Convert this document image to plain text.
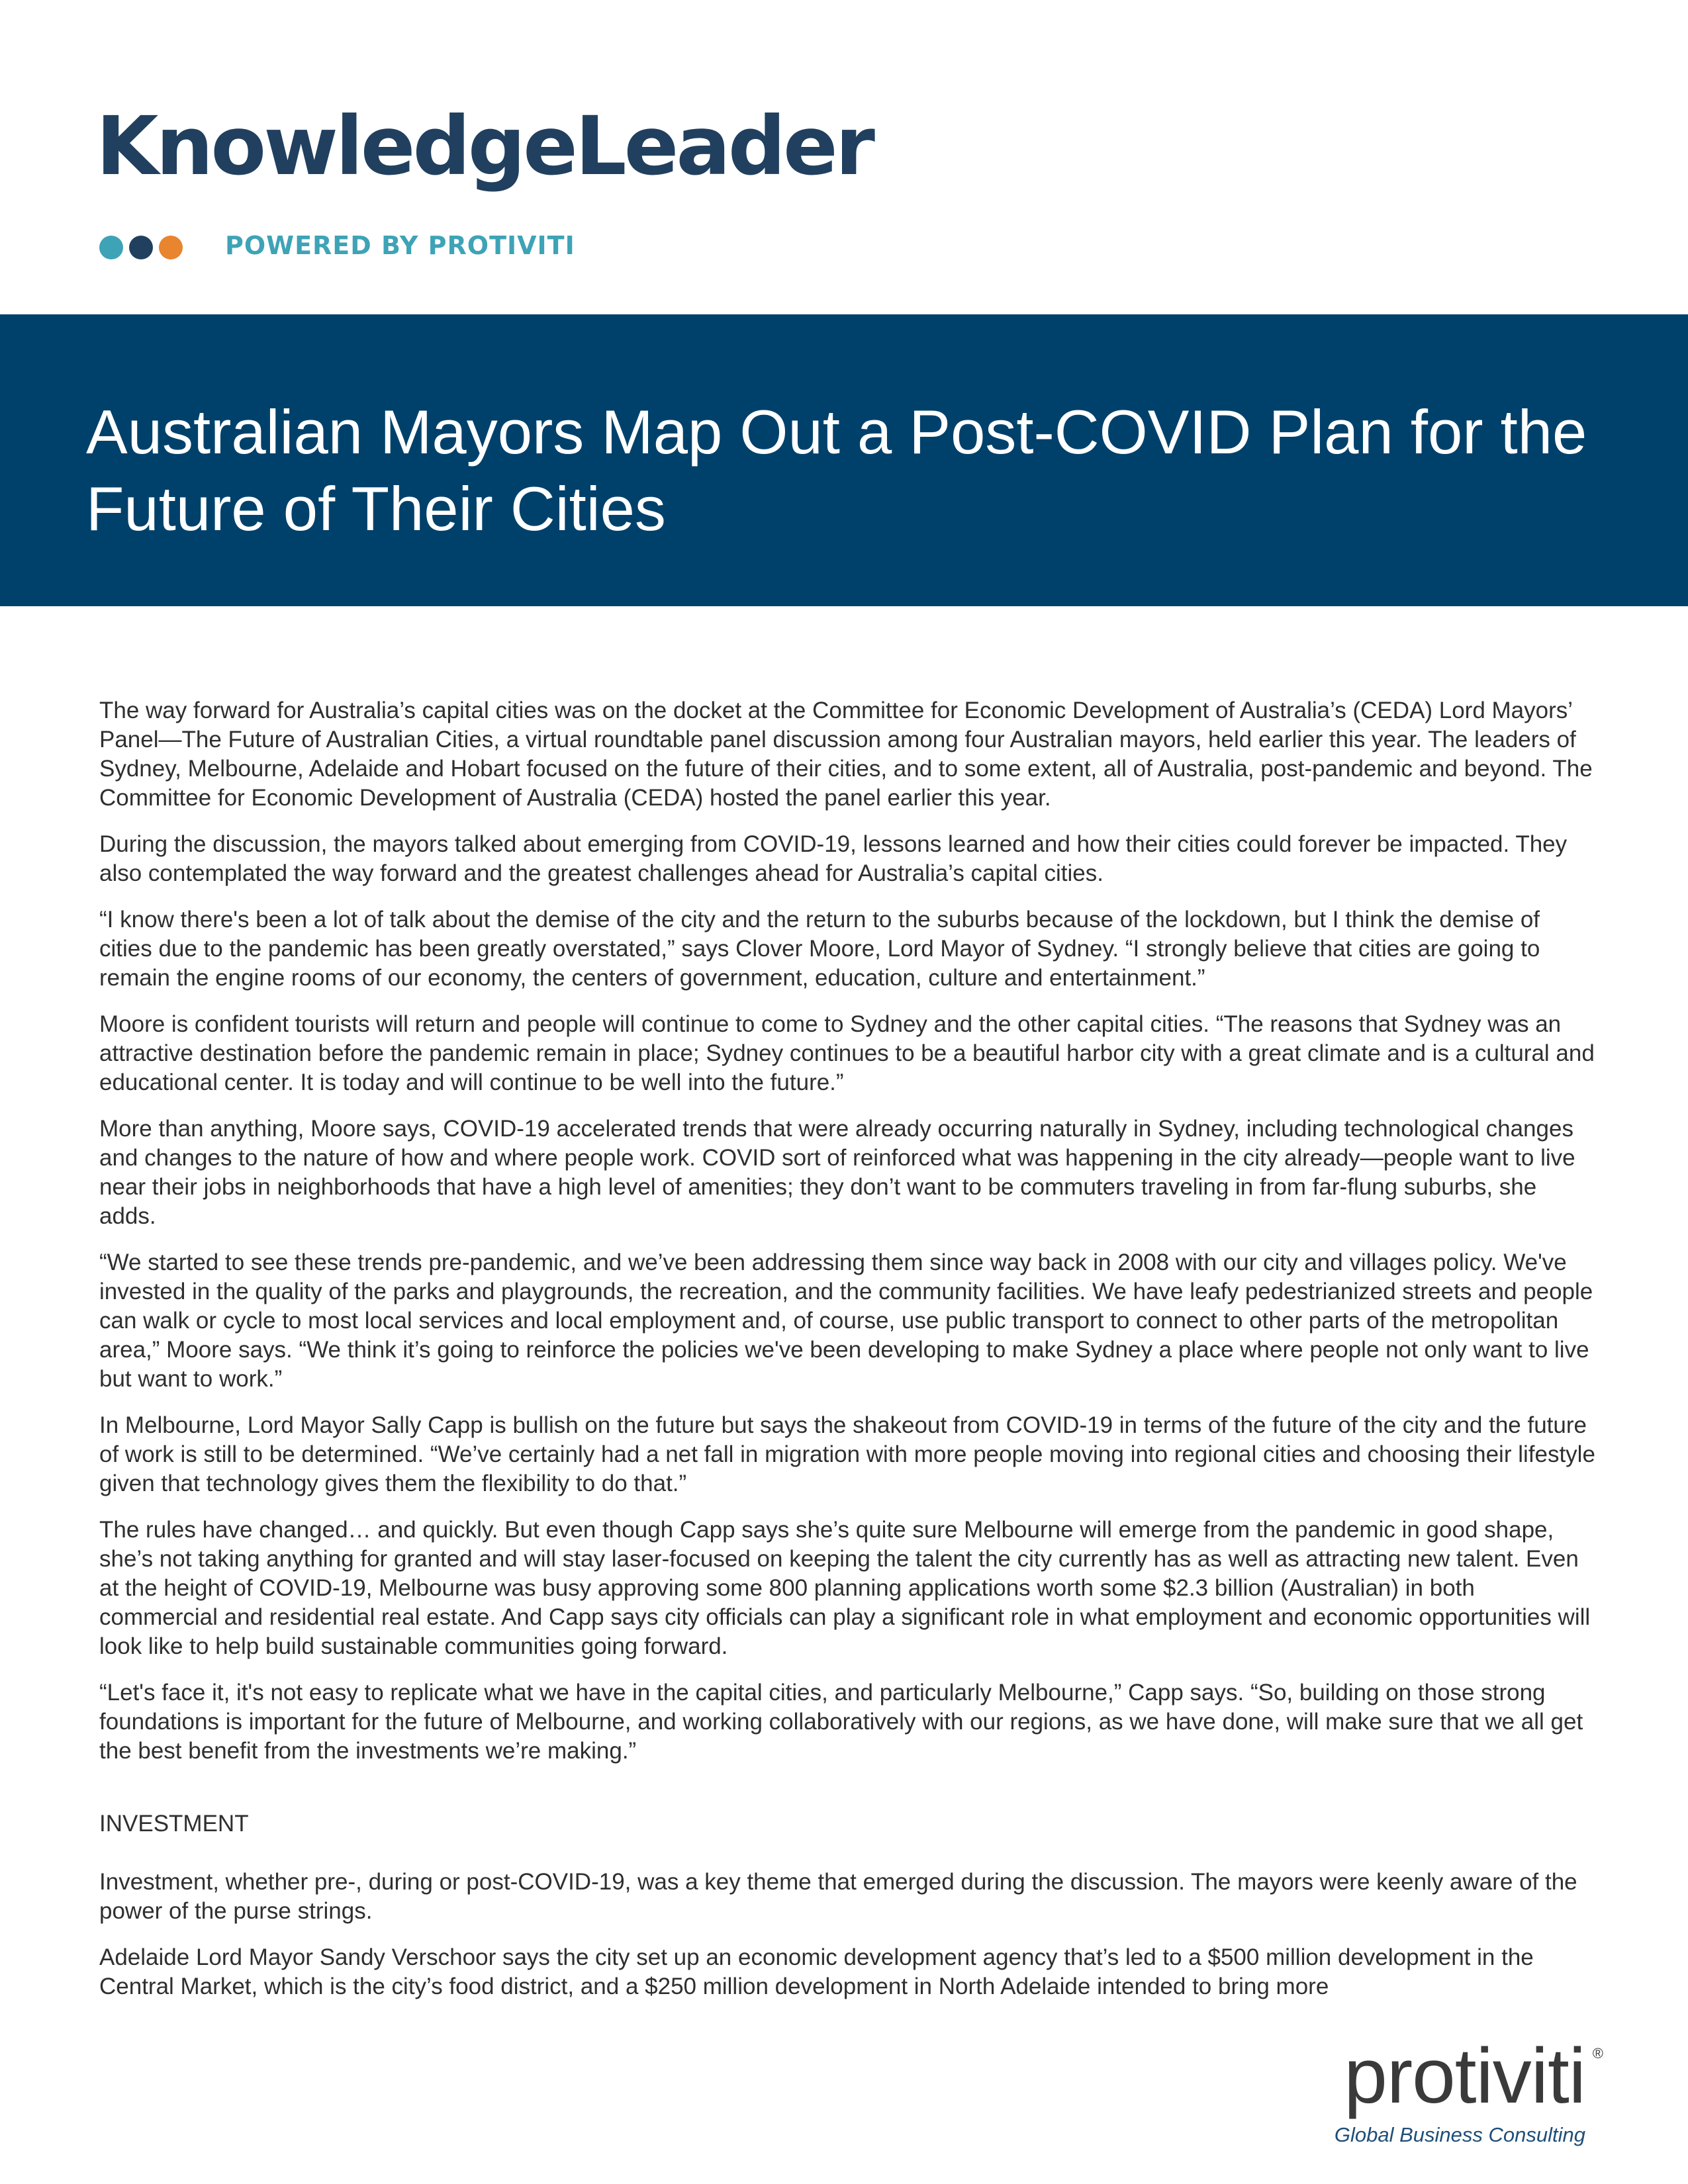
KnowledgeLeader
POWERED BY PROTIVITI
Australian Mayors Map Out a Post-COVID Plan for the Future of Their Cities

The way forward for Australia’s capital cities was on the docket at the Committee for Economic Development of Australia’s (CEDA) Lord Mayors’ Panel—The Future of Australian Cities, a virtual roundtable panel discussion among four Australian mayors, held earlier this year. The leaders of Sydney, Melbourne, Adelaide and Hobart focused on the future of their cities, and to some extent, all of Australia, post-pandemic and beyond. The Committee for Economic Development of Australia (CEDA) hosted the panel earlier this year.

During the discussion, the mayors talked about emerging from COVID-19, lessons learned and how their cities could forever be impacted. They also contemplated the way forward and the greatest challenges ahead for Australia’s capital cities.

“I know there's been a lot of talk about the demise of the city and the return to the suburbs because of the lockdown, but I think the demise of cities due to the pandemic has been greatly overstated,” says Clover Moore, Lord Mayor of Sydney. “I strongly believe that cities are going to remain the engine rooms of our economy, the centers of government, education, culture and entertainment.”

Moore is confident tourists will return and people will continue to come to Sydney and the other capital cities. “The reasons that Sydney was an attractive destination before the pandemic remain in place; Sydney continues to be a beautiful harbor city with a great climate and is a cultural and educational center. It is today and will continue to be well into the future.”

More than anything, Moore says, COVID-19 accelerated trends that were already occurring naturally in Sydney, including technological changes and changes to the nature of how and where people work. COVID sort of reinforced what was happening in the city already—people want to live near their jobs in neighborhoods that have a high level of amenities; they don’t want to be commuters traveling in from far-flung suburbs, she adds.

“We started to see these trends pre-pandemic, and we’ve been addressing them since way back in 2008 with our city and villages policy. We've invested in the quality of the parks and playgrounds, the recreation, and the community facilities. We have leafy pedestrianized streets and people can walk or cycle to most local services and local employment and, of course, use public transport to connect to other parts of the metropolitan area,” Moore says. “We think it’s going to reinforce the policies we've been developing to make Sydney a place where people not only want to live but want to work.”

In Melbourne, Lord Mayor Sally Capp is bullish on the future but says the shakeout from COVID-19 in terms of the future of the city and the future of work is still to be determined. “We’ve certainly had a net fall in migration with more people moving into regional cities and choosing their lifestyle given that technology gives them the flexibility to do that.”

The rules have changed… and quickly. But even though Capp says she’s quite sure Melbourne will emerge from the pandemic in good shape, she’s not taking anything for granted and will stay laser-focused on keeping the talent the city currently has as well as attracting new talent. Even at the height of COVID-19, Melbourne was busy approving some 800 planning applications worth some $2.3 billion (Australian) in both commercial and residential real estate. And Capp says city officials can play a significant role in what employment and economic opportunities will look like to help build sustainable communities going forward.

“Let's face it, it's not easy to replicate what we have in the capital cities, and particularly Melbourne,” Capp says. “So, building on those strong foundations is important for the future of Melbourne, and working collaboratively with our regions, as we have done, will make sure that we all get the best benefit from the investments we’re making.”

INVESTMENT

Investment, whether pre-, during or post-COVID-19, was a key theme that emerged during the discussion. The mayors were keenly aware of the power of the purse strings.

Adelaide Lord Mayor Sandy Verschoor says the city set up an economic development agency that’s led to a $500 million development in the Central Market, which is the city’s food district, and a $250 million development in North Adelaide intended to bring more

protiviti ®
Global Business Consulting
